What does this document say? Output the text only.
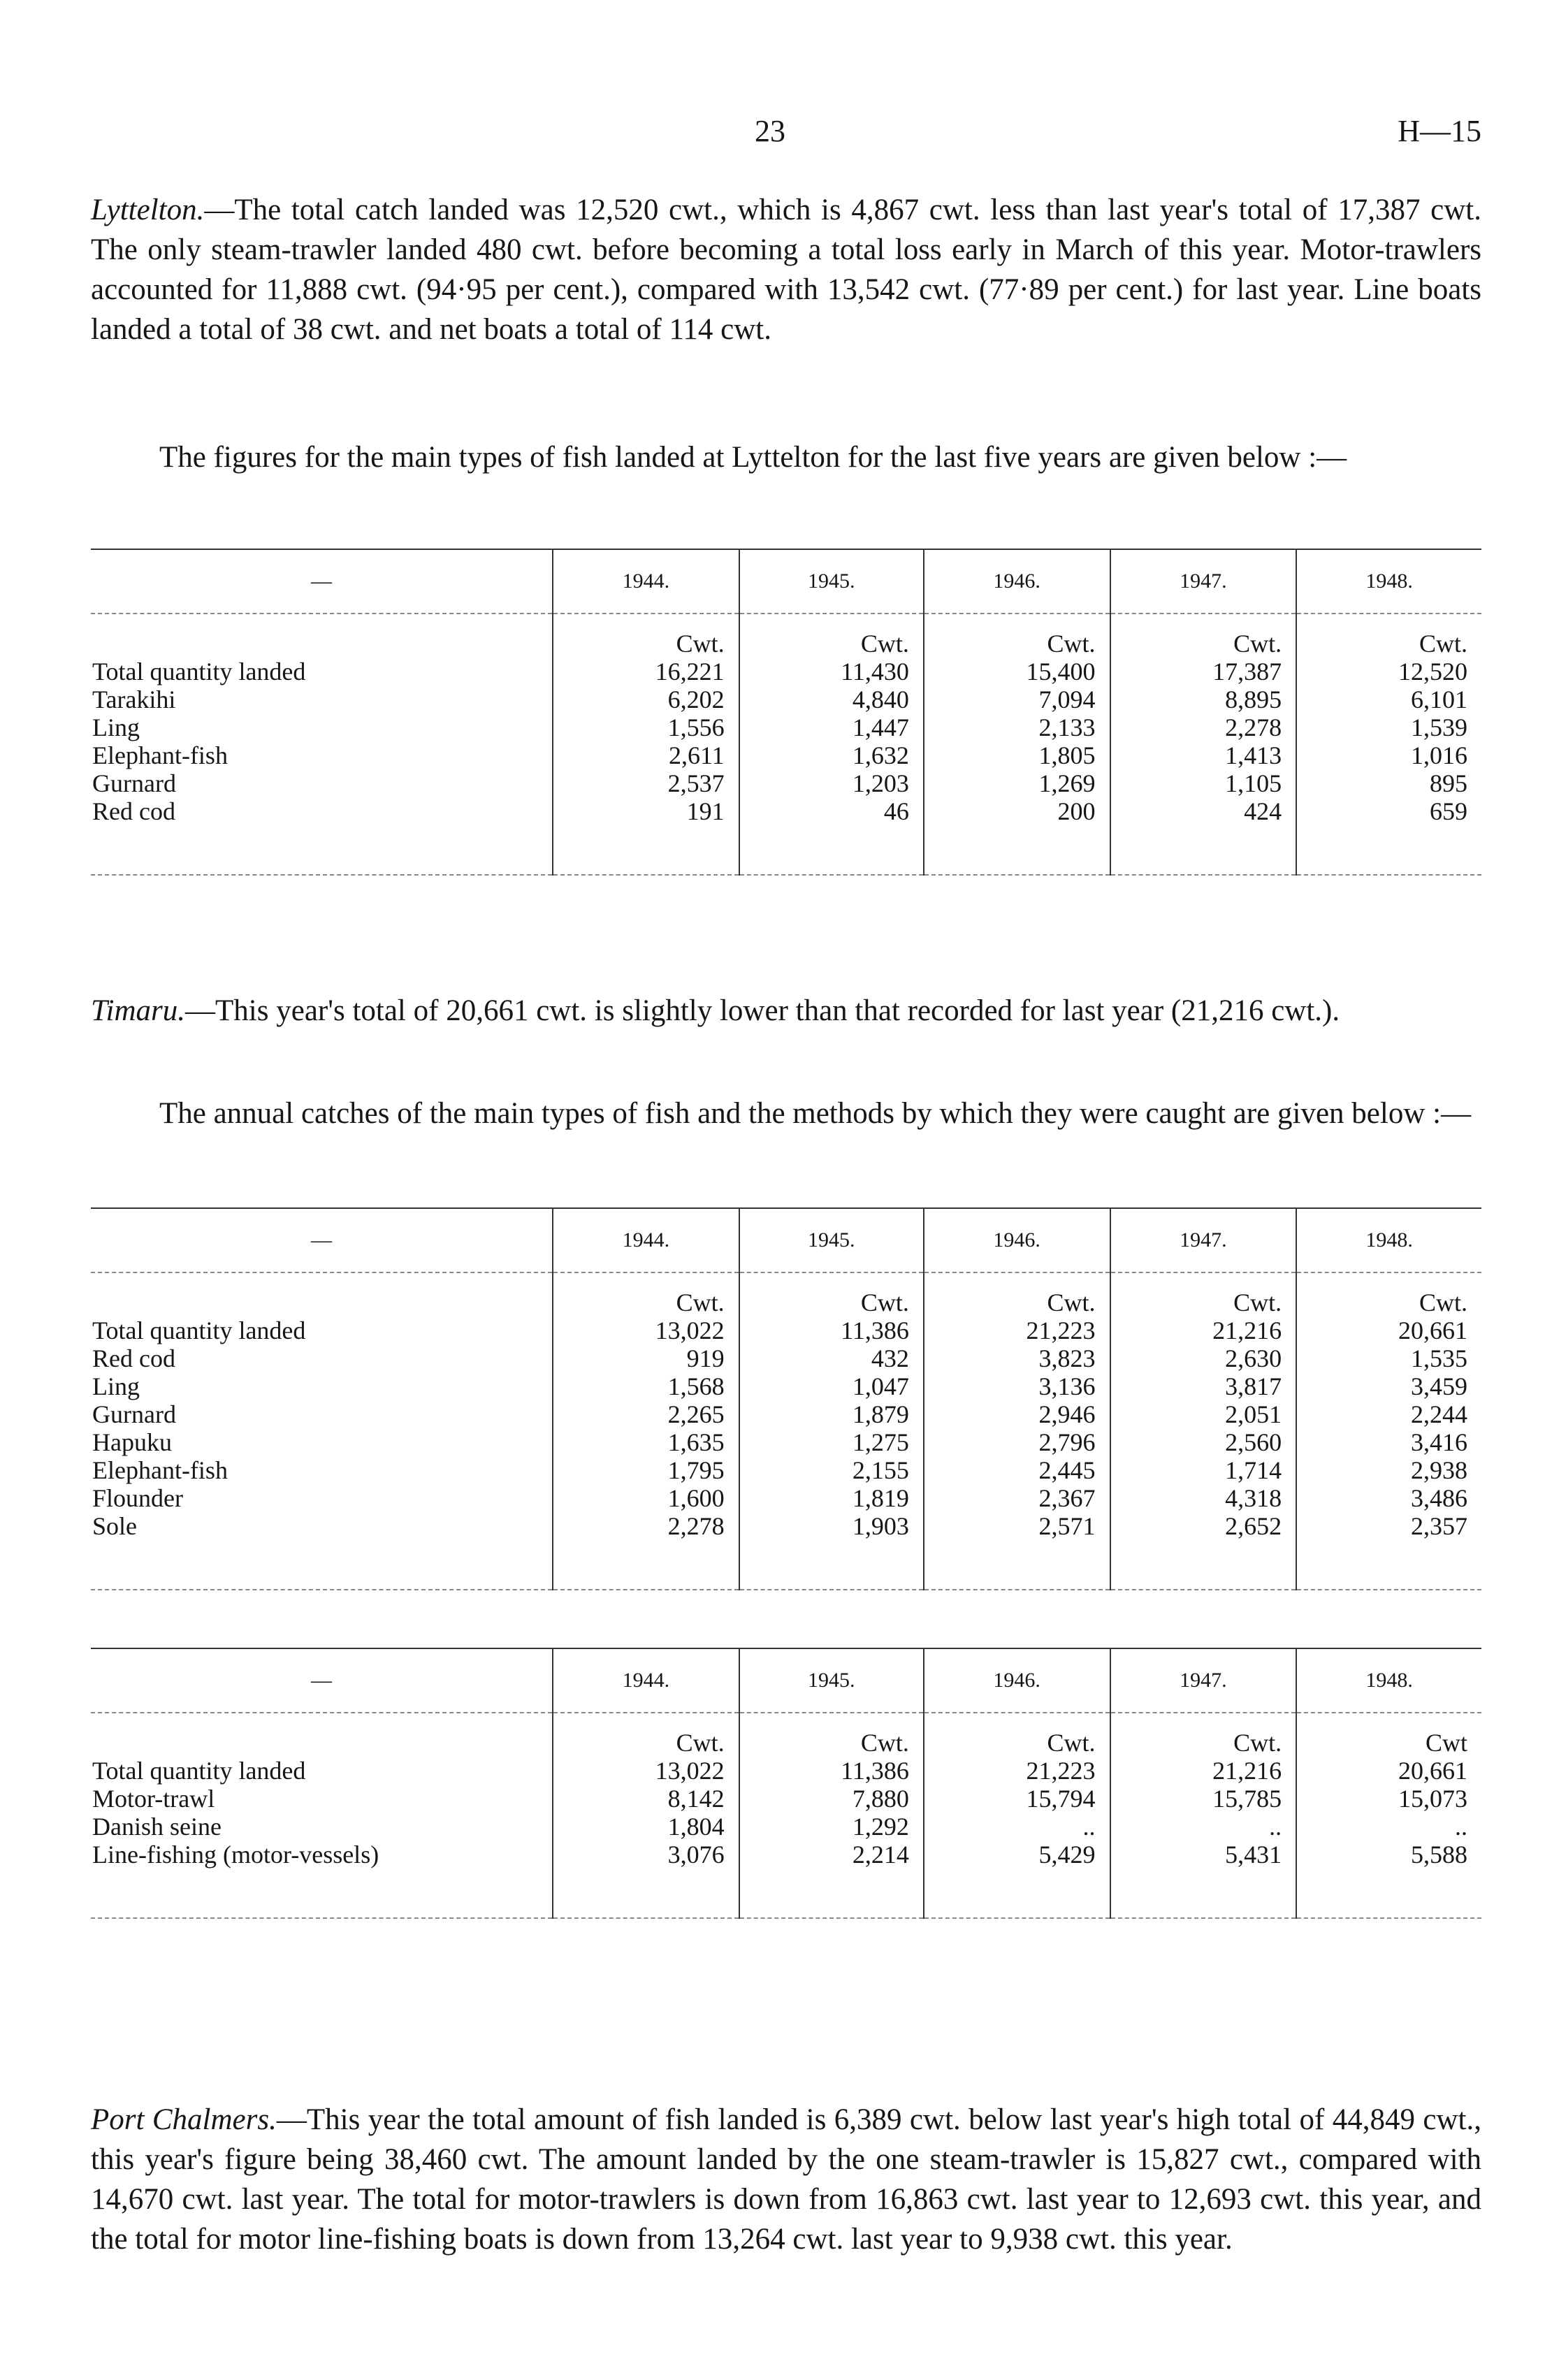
23	H—15

Lyttelton.—The total catch landed was 12,520 cwt., which is 4,867 cwt. less than last year's total of 17,387 cwt. The only steam-trawler landed 480 cwt. before becoming a total loss early in March of this year. Motor-trawlers accounted for 11,888 cwt. (94·95 per cent.), compared with 13,542 cwt. (77·89 per cent.) for last year. Line boats landed a total of 38 cwt. and net boats a total of 114 cwt.

The figures for the main types of fish landed at Lyttelton for the last five years are given below :—

—	1944.	1945.	1946.	1947.	1948.
	Cwt.	Cwt.	Cwt.	Cwt.	Cwt.
Total quantity landed	16,221	11,430	15,400	17,387	12,520
Tarakihi	6,202	4,840	7,094	8,895	6,101
Ling	1,556	1,447	2,133	2,278	1,539
Elephant-fish	2,611	1,632	1,805	1,413	1,016
Gurnard	2,537	1,203	1,269	1,105	895
Red cod	191	46	200	424	659

Timaru.—This year's total of 20,661 cwt. is slightly lower than that recorded for last year (21,216 cwt.).

The annual catches of the main types of fish and the methods by which they were caught are given below :—

—	1944.	1945.	1946.	1947.	1948.
	Cwt.	Cwt.	Cwt.	Cwt.	Cwt.
Total quantity landed	13,022	11,386	21,223	21,216	20,661
Red cod	919	432	3,823	2,630	1,535
Ling	1,568	1,047	3,136	3,817	3,459
Gurnard	2,265	1,879	2,946	2,051	2,244
Hapuku	1,635	1,275	2,796	2,560	3,416
Elephant-fish	1,795	2,155	2,445	1,714	2,938
Flounder	1,600	1,819	2,367	4,318	3,486
Sole	2,278	1,903	2,571	2,652	2,357

—	1944.	1945.	1946.	1947.	1948.
	Cwt.	Cwt.	Cwt.	Cwt.	Cwt
Total quantity landed	13,022	11,386	21,223	21,216	20,661
Motor-trawl	8,142	7,880	15,794	15,785	15,073
Danish seine	1,804	1,292	..	..	..
Line-fishing (motor-vessels)	3,076	2,214	5,429	5,431	5,588

Port Chalmers.—This year the total amount of fish landed is 6,389 cwt. below last year's high total of 44,849 cwt., this year's figure being 38,460 cwt. The amount landed by the one steam-trawler is 15,827 cwt., compared with 14,670 cwt. last year. The total for motor-trawlers is down from 16,863 cwt. last year to 12,693 cwt. this year, and the total for motor line-fishing boats is down from 13,264 cwt. last year to 9,938 cwt. this year.
